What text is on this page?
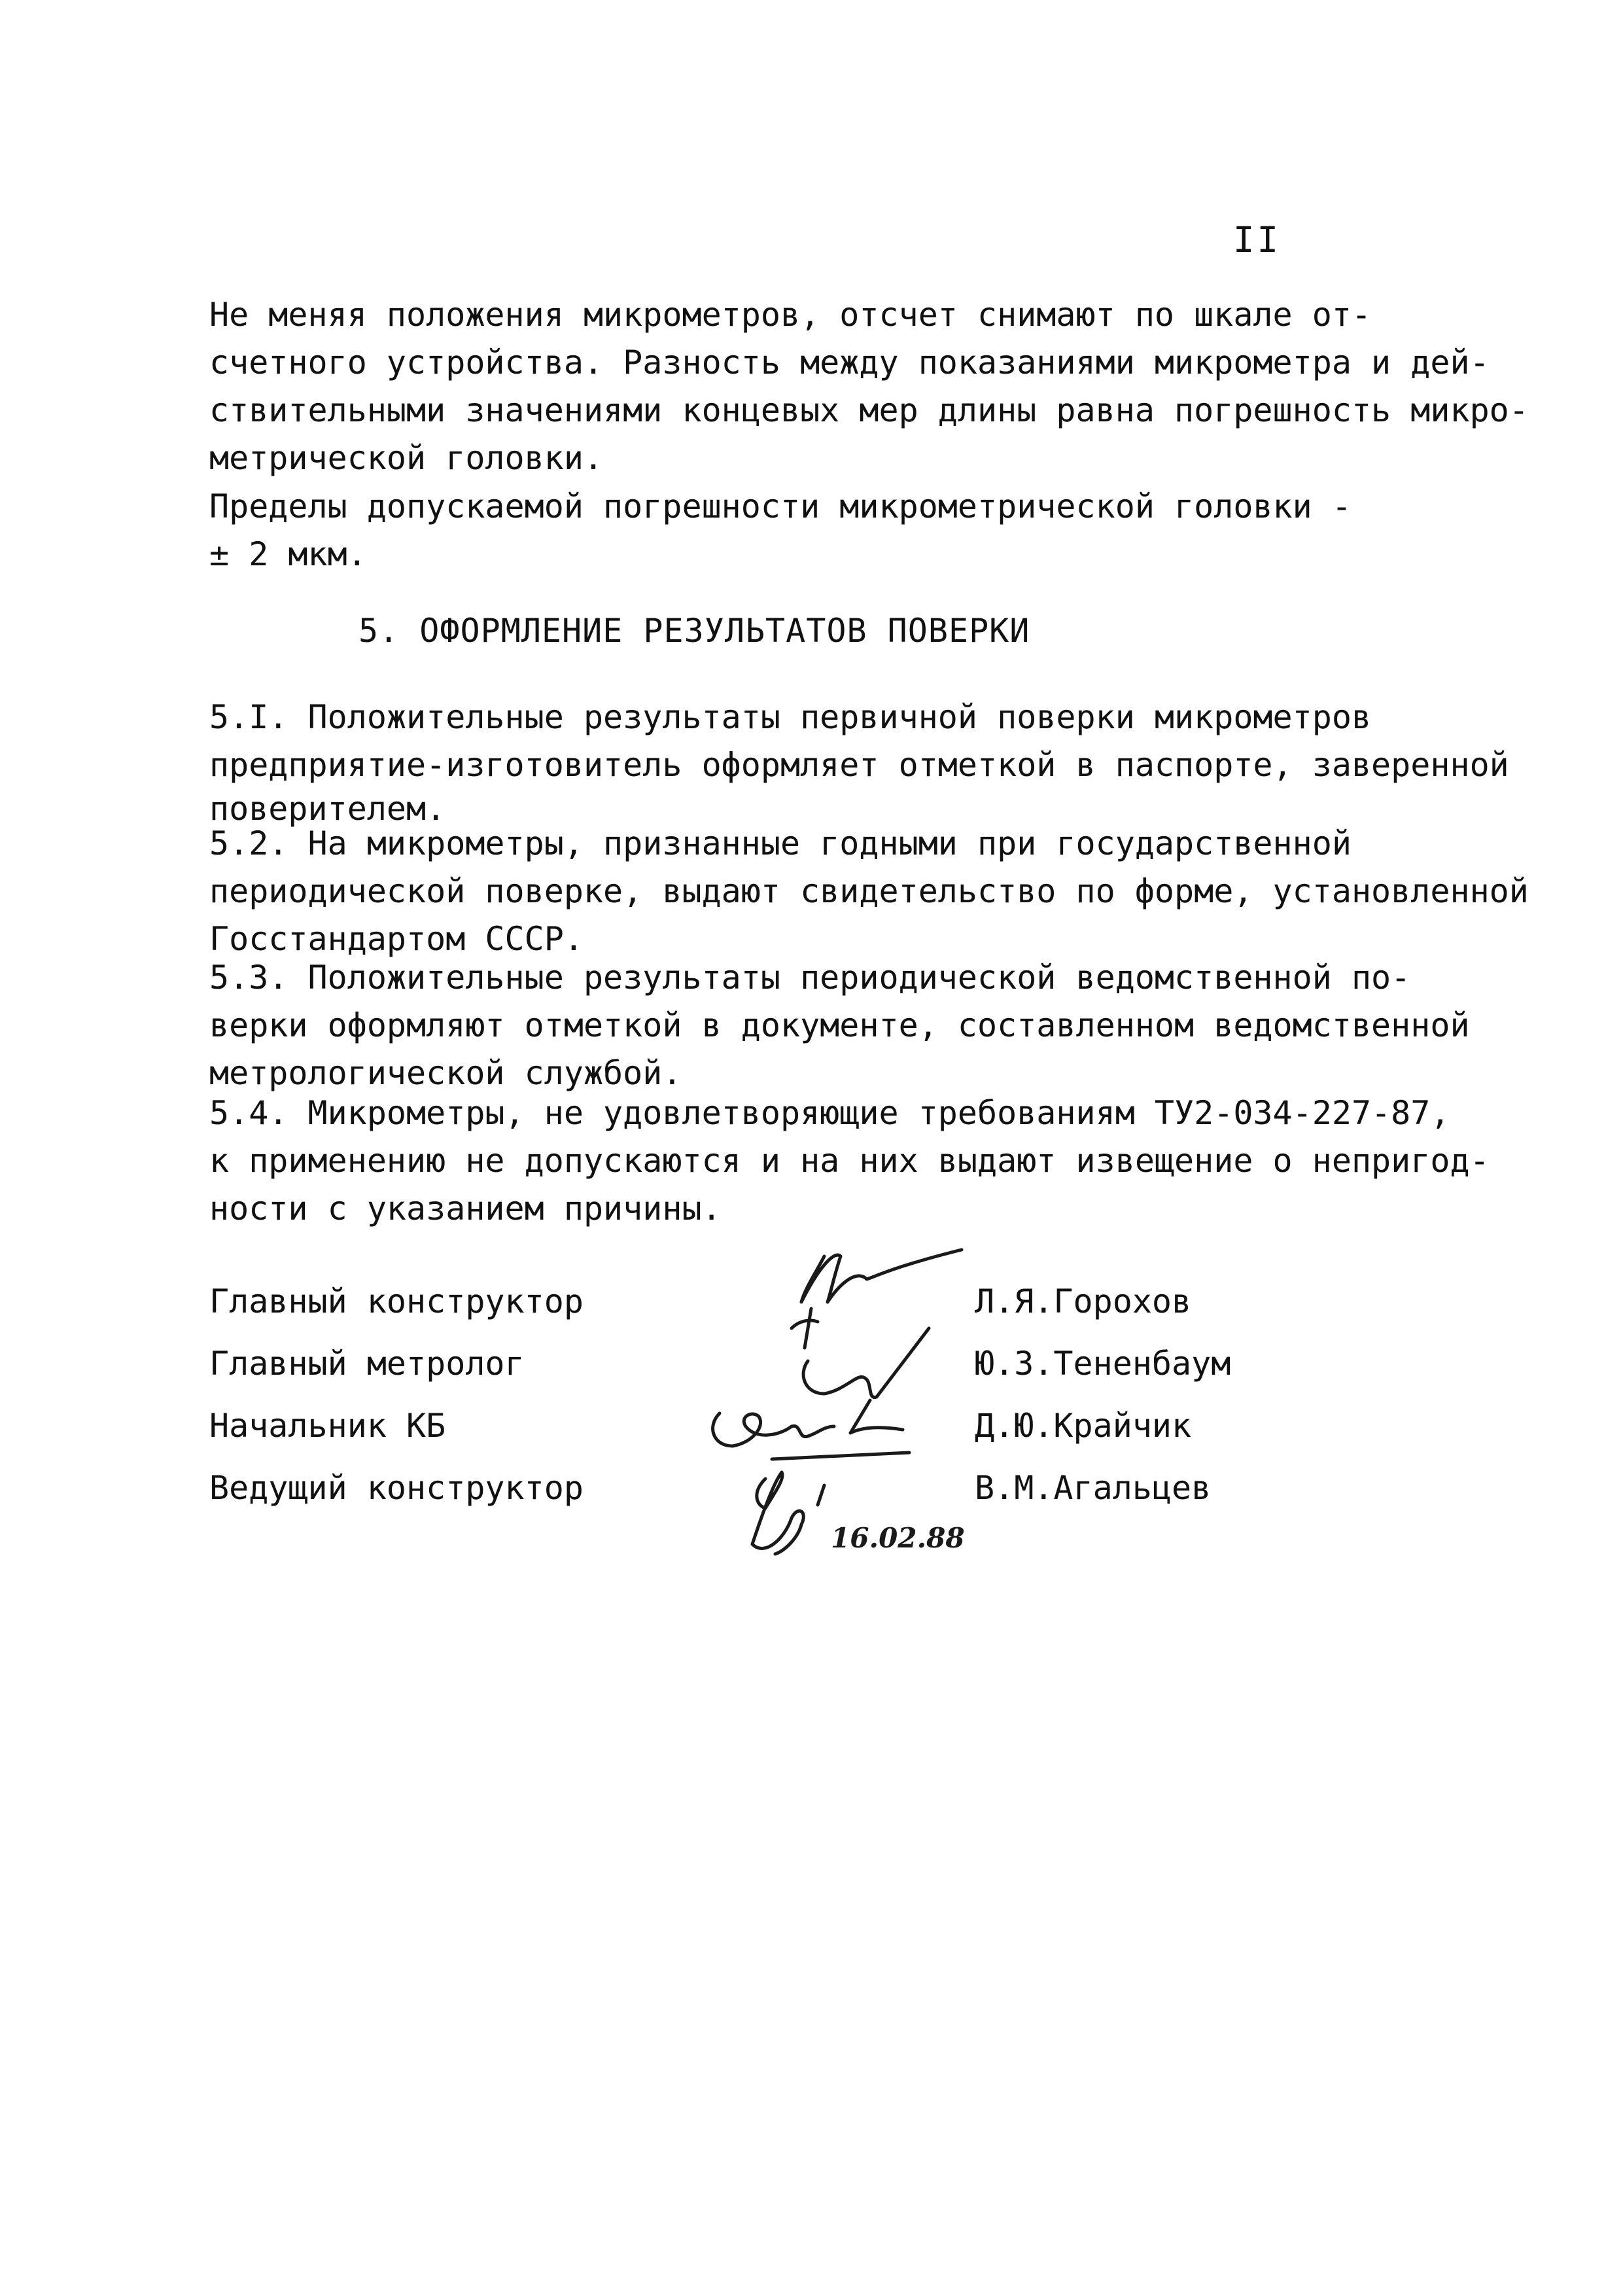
II

Не меняя положения микрометров, отсчет снимают по шкале от-

счетного устройства. Разность между показаниями микрометра и дей-

ствительными значениями концевых мер длины равна погрешность микро-

метрической головки.

Пределы допускаемой погрешности микрометрической головки -

± 2 мкм.

5. ОФОРМЛЕНИЕ РЕЗУЛЬТАТОВ ПОВЕРКИ

5.I. Положительные результаты первичной поверки микрометров

предприятие-изготовитель оформляет отметкой в паспорте, заверенной

поверителем.

5.2. На микрометры, признанные годными при государственной

периодической поверке, выдают свидетельство по форме, установленной

Госстандартом СССР.

5.3. Положительные результаты периодической ведомственной по-

верки оформляют отметкой в документе, составленном ведомственной

метрологической службой.

5.4. Микрометры, не удовлетворяющие требованиям ТУ2-034-227-87,

к применению не допускаются и на них выдают извещение о непригод-

ности с указанием причины.

Главный конструктор
Главный метролог
Начальник КБ
Ведущий конструктор
Л.Я.Горохов
Ю.З.Тененбаум
Д.Ю.Крайчик
В.М.Агальцев
16.02.88
